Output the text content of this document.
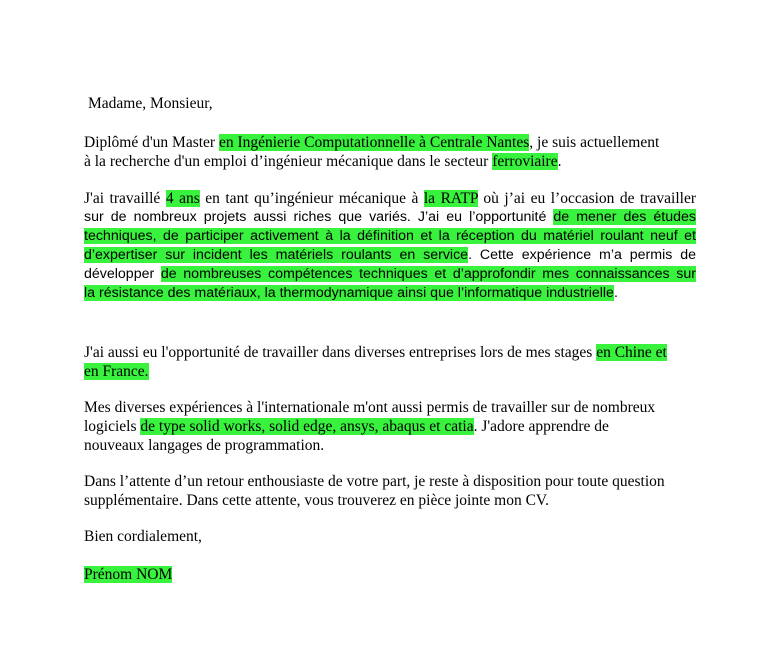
Madame, Monsieur,
Diplômé d'un Master en Ingénierie Computationnelle à Centrale Nantes, je suis actuellement
à la recherche d'un emploi d’ingénieur mécanique dans le secteur ferroviaire.
J'ai travaillé 4 ans en tant qu’ingénieur mécanique à la RATP où j’ai eu l’occasion de travailler
sur de nombreux projets aussi riches que variés. J’ai eu l’opportunité de mener des études
techniques, de participer activement à la définition et la réception du matériel roulant neuf et
d’expertiser sur incident les matériels roulants en service. Cette expérience m’a permis de
développer de nombreuses compétences techniques et d’approfondir mes connaissances sur
la résistance des matériaux, la thermodynamique ainsi que l’informatique industrielle.
J'ai aussi eu l'opportunité de travailler dans diverses entreprises lors de mes stages en Chine et
en France.
Mes diverses expériences à l'internationale m'ont aussi permis de travailler sur de nombreux
logiciels de type solid works, solid edge, ansys, abaqus et catia. J'adore apprendre de
nouveaux langages de programmation.
Dans l’attente d’un retour enthousiaste de votre part, je reste à disposition pour toute question
supplémentaire. Dans cette attente, vous trouverez en pièce jointe mon CV.
Bien cordialement,
Prénom NOM
